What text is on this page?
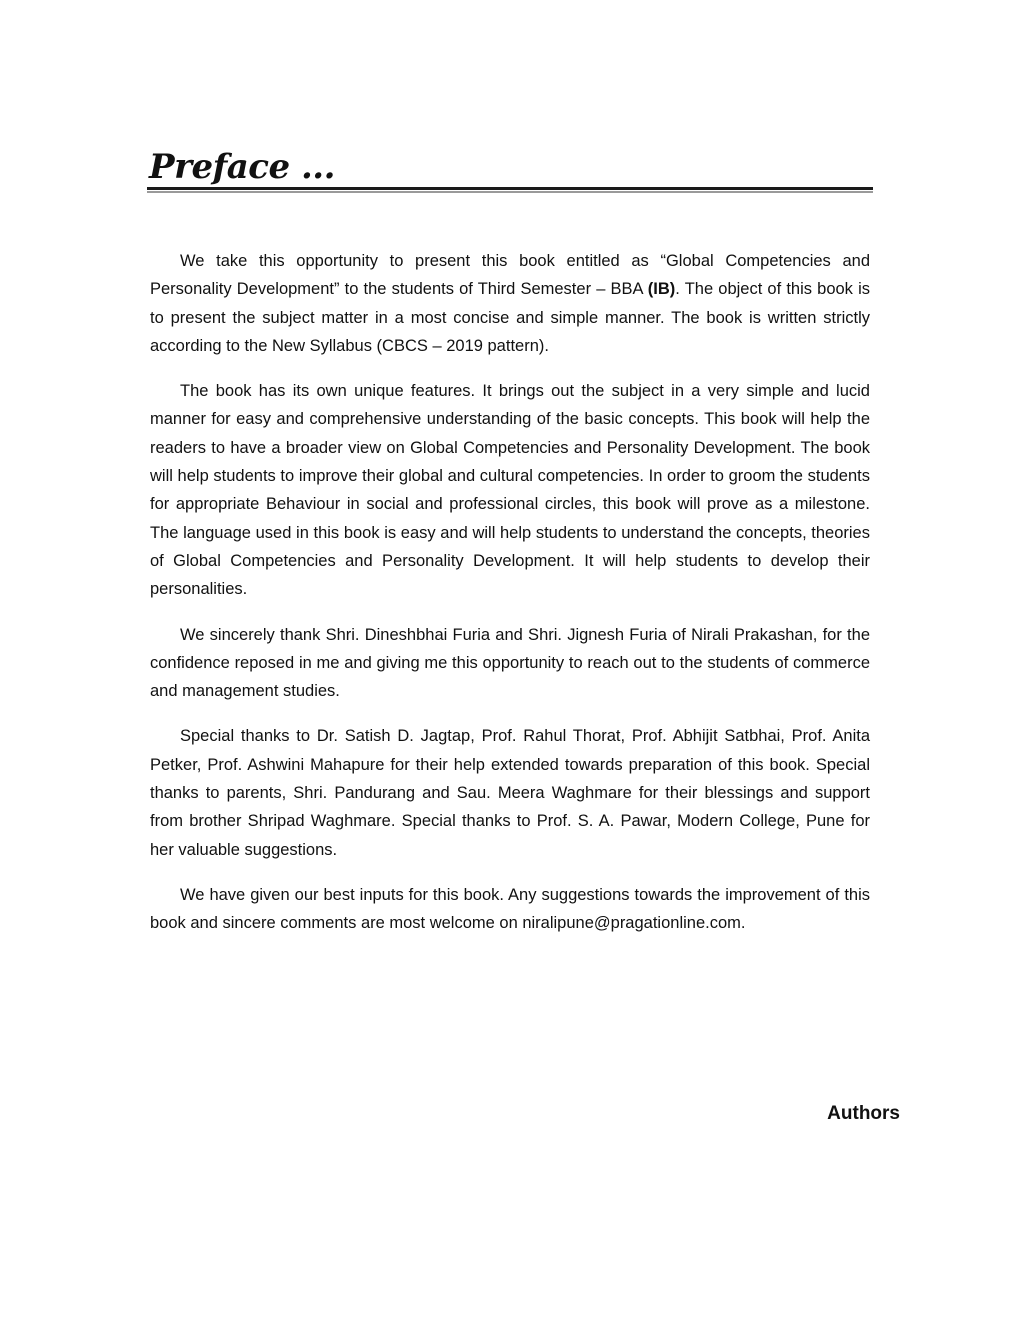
Preface ...

We take this opportunity to present this book entitled as “Global Competencies and Personality Development” to the students of Third Semester – BBA (IB). The object of this book is to present the subject matter in a most concise and simple manner. The book is written strictly according to the New Syllabus (CBCS – 2019 pattern).

The book has its own unique features. It brings out the subject in a very simple and lucid manner for easy and comprehensive understanding of the basic concepts. This book will help the readers to have a broader view on Global Competencies and Personality Development. The book will help students to improve their global and cultural competencies. In order to groom the students for appropriate Behaviour in social and professional circles, this book will prove as a milestone. The language used in this book is easy and will help students to understand the concepts, theories of Global Competencies and Personality Development. It will help students to develop their personalities.

We sincerely thank Shri. Dineshbhai Furia and Shri. Jignesh Furia of Nirali Prakashan, for the confidence reposed in me and giving me this opportunity to reach out to the students of commerce and management studies.

Special thanks to Dr. Satish D. Jagtap, Prof. Rahul Thorat, Prof. Abhijit Satbhai, Prof. Anita Petker, Prof. Ashwini Mahapure for their help extended towards preparation of this book. Special thanks to parents, Shri. Pandurang and Sau. Meera Waghmare for their blessings and support from brother Shripad Waghmare. Special thanks to Prof. S. A. Pawar, Modern College, Pune for her valuable suggestions.

We have given our best inputs for this book. Any suggestions towards the improvement of this book and sincere comments are most welcome on niralipune@pragationline.com.

Authors
